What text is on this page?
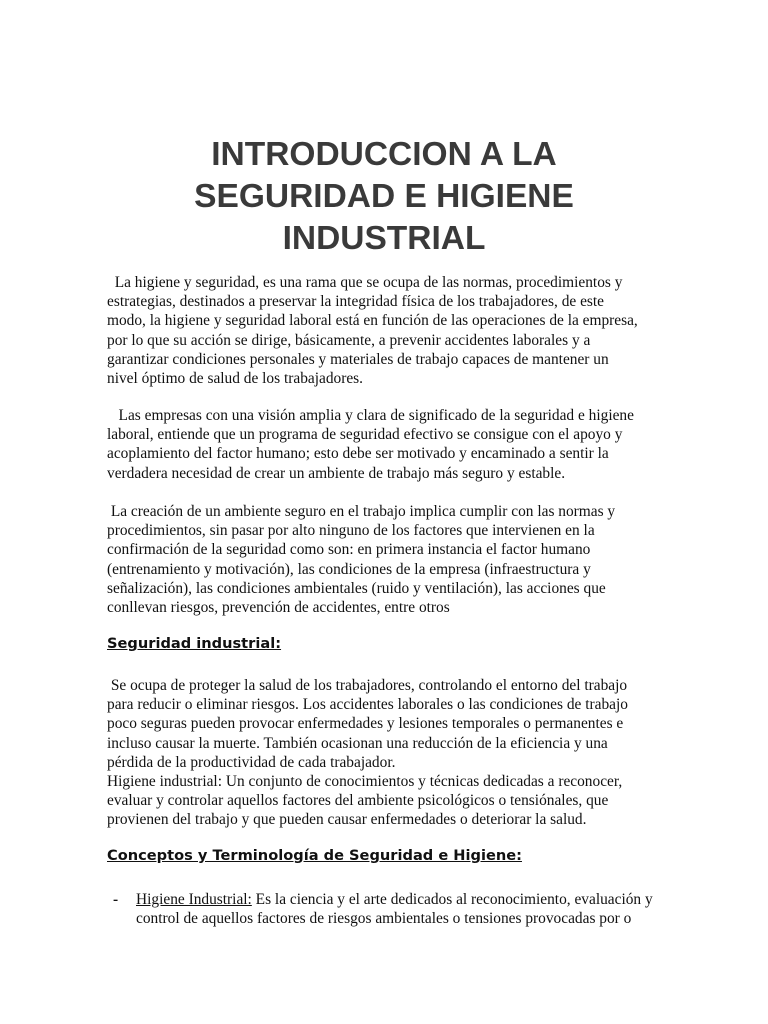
INTRODUCCION A LA
SEGURIDAD E HIGIENE
INDUSTRIAL
La higiene y seguridad, es una rama que se ocupa de las normas, procedimientos y
estrategias, destinados a preservar la integridad física de los trabajadores, de este
modo, la higiene y seguridad laboral está en función de las operaciones de la empresa,
por lo que su acción se dirige, básicamente, a prevenir accidentes laborales y a
garantizar condiciones personales y materiales de trabajo capaces de mantener un
nivel óptimo de salud de los trabajadores.
Las empresas con una visión amplia y clara de significado de la seguridad e higiene
laboral, entiende que un programa de seguridad efectivo se consigue con el apoyo y
acoplamiento del factor humano; esto debe ser motivado y encaminado a sentir la
verdadera necesidad de crear un ambiente de trabajo más seguro y estable.
La creación de un ambiente seguro en el trabajo implica cumplir con las normas y
procedimientos, sin pasar por alto ninguno de los factores que intervienen en la
confirmación de la seguridad como son: en primera instancia el factor humano
(entrenamiento y motivación), las condiciones de la empresa (infraestructura y
señalización), las condiciones ambientales (ruido y ventilación), las acciones que
conllevan riesgos, prevención de accidentes, entre otros
Seguridad industrial:
Se ocupa de proteger la salud de los trabajadores, controlando el entorno del trabajo
para reducir o eliminar riesgos. Los accidentes laborales o las condiciones de trabajo
poco seguras pueden provocar enfermedades y lesiones temporales o permanentes e
incluso causar la muerte. También ocasionan una reducción de la eficiencia y una
pérdida de la productividad de cada trabajador.
Higiene industrial: Un conjunto de conocimientos y técnicas dedicadas a reconocer,
evaluar y controlar aquellos factores del ambiente psicológicos o tensiónales, que
provienen del trabajo y que pueden causar enfermedades o deteriorar la salud.
Conceptos y Terminología de Seguridad e Higiene:
- Higiene Industrial: Es la ciencia y el arte dedicados al reconocimiento, evaluación y
control de aquellos factores de riesgos ambientales o tensiones provocadas por o
